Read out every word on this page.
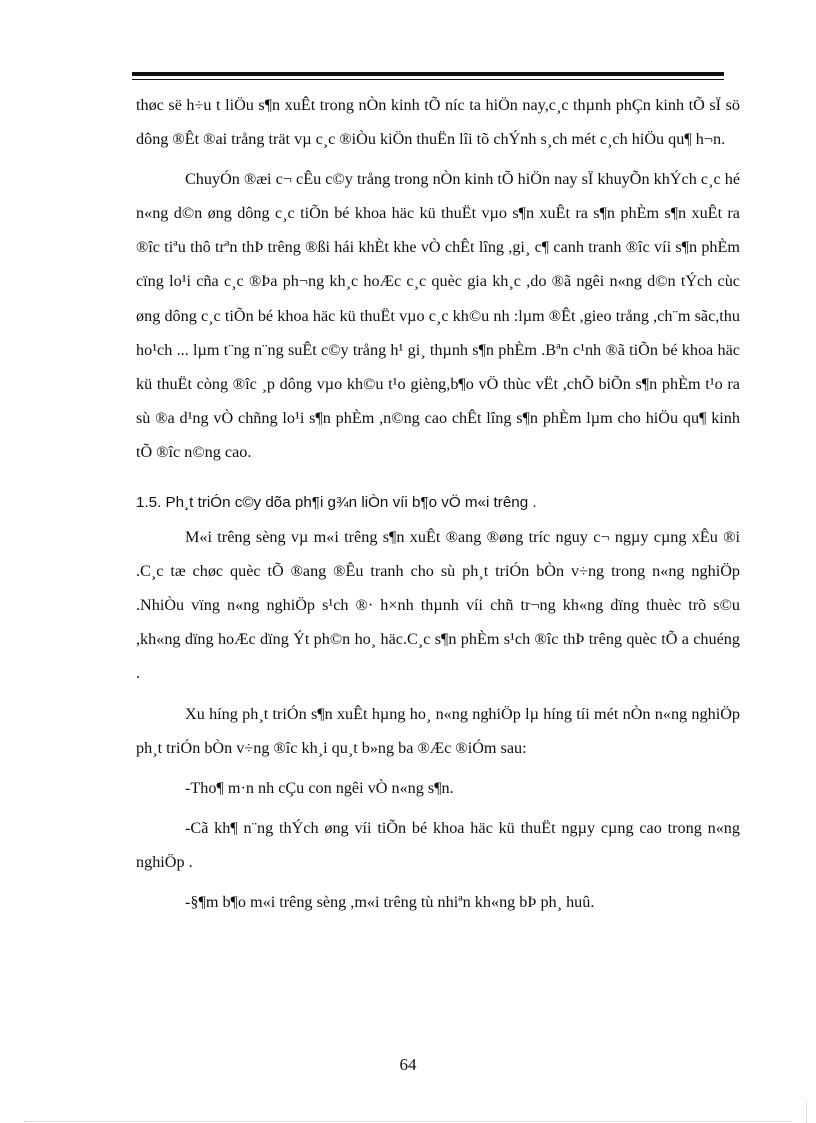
thøc së h÷u t liÖu s¶n xuÊt trong nÒn kinh tÕ níc ta hiÖn nay,c¸c thµnh phÇn kinh tÕ sÏ sö dông ®Êt ®ai trång trät vµ c¸c ®iÒu kiÖn thuËn lîi tõ chÝnh s¸ch mét c¸ch hiÖu qu¶ h¬n.

ChuyÓn ®æi c¬ cÊu c©y trång trong nÒn kinh tÕ hiÖn nay sÏ khuyÕn khÝch c¸c hé n«ng d©n øng dông c¸c tiÕn bé khoa häc kü thuËt vµo s¶n xuÊt ra s¶n phÈm s¶n xuÊt ra ®îc tiªu thô trªn thÞ trêng ®ßi hái khÈt khe vÒ chÊt lîng ,gi¸ c¶ canh tranh ®îc víi s¶n phÈm cïng lo¹i cña c¸c ®Þa ph¬ng kh¸c hoÆc c¸c quèc gia kh¸c ,do ®ã ngêi n«ng d©n tÝch cùc øng dông c¸c tiÕn bé khoa häc kü thuËt vµo c¸c kh©u nh :lµm ®Êt ,gieo trång ,ch¨m sãc,thu ho¹ch ... lµm t¨ng n¨ng suÊt c©y trång h¹ gi¸ thµnh s¶n phÈm .Bªn c¹nh ®ã tiÕn bé khoa häc kü thuËt còng ®îc ¸p dông vµo kh©u t¹o gièng,b¶o vÖ thùc vËt ,chÕ biÕn s¶n phÈm t¹o ra sù ®a d¹ng vÒ chñng lo¹i s¶n phÈm ,n©ng cao chÊt lîng s¶n phÈm lµm cho hiÖu qu¶ kinh tÕ ®îc n©ng cao.

1.5. Ph¸t triÓn c©y dõa ph¶i g¾n liÒn víi b¶o vÖ m«i trêng .

M«i trêng sèng vµ m«i trêng s¶n xuÊt ®ang ®øng tríc nguy c¬ ngµy cµng xÊu ®i .C¸c tæ chøc quèc tÕ ®ang ®Êu tranh cho sù ph¸t triÓn bÒn v÷ng trong n«ng nghiÖp .NhiÒu vïng n«ng nghiÖp s¹ch ®· h×nh thµnh víi chñ tr¬ng kh«ng dïng thuèc trõ s©u ,kh«ng dïng hoÆc dïng Ýt ph©n ho¸ häc.C¸c s¶n phÈm s¹ch ®îc thÞ trêng quèc tÕ a chuéng .

Xu híng ph¸t triÓn s¶n xuÊt hµng ho¸ n«ng nghiÖp lµ híng tíi mét nÒn n«ng nghiÖp ph¸t triÓn bÒn v÷ng ®îc kh¸i qu¸t b»ng ba ®Æc ®iÓm sau:

-Tho¶ m·n nh cÇu con ngêi vÒ n«ng s¶n.

-Cã kh¶ n¨ng thÝch øng víi tiÕn bé khoa häc kü thuËt ngµy cµng cao trong n«ng nghiÖp .

-§¶m b¶o m«i trêng sèng ,m«i trêng tù nhiªn kh«ng bÞ ph¸ huû.

64
